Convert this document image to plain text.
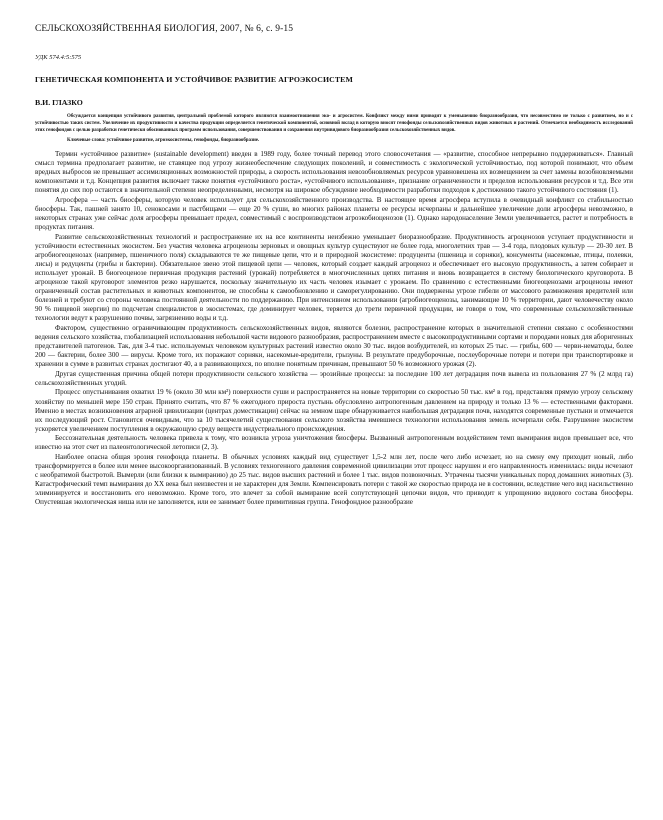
СЕЛЬСКОХОЗЯЙСТВЕННАЯ БИОЛОГИЯ, 2007, № 6, с. 9-15
УДК 574.4:5:575
ГЕНЕТИЧЕСКАЯ КОМПОНЕНТА И УСТОЙЧИВОЕ РАЗВИТИЕ АГРОЭКОСИСТЕМ
В.И. ГЛАЗКО
Обсуждается концепция устойчивого развития, центральной проблемой которого являются взаимоотношения эко- и агросистем. Конфликт между ними приводит к уменьшению биоразнообразия, что несовместимо не только с развитием, но и с устойчивостью таких систем. Увеличение их продуктивности и качества продукции определяется генетической компонентой, основной вклад в которую вносят генофонды сельскохозяйственных видов животных и растений. Отмечается необходимость исследований этих генофондов с целью разработки генетически обоснованных программ использования, совершенствования и сохранения внутривидового биоразнообразия сельскохозяйственных видов.
Ключевые слова: устойчивое развитие, агроэкосистемы, генофонды, биоразнообразие.

Термин «устойчивое развитие» (sustainable development) введен в 1989 году, более точный перевод этого словосочетания — «развитие, способное непрерывно поддерживаться». Главный смысл термина предполагает развитие, не ставящее под угрозу жизнеобеспечение следующих поколений, и совместимость с экологической устойчивостью, под которой понимают, что объем вредных выбросов не превышает ассимиляционных возможностей природы, а скорость использования невозобновляемых ресурсов уравновешена их возмещением за счет замены возобновляемыми компонентами и т.д. Концепция развития включает также понятия «устойчивого роста», «устойчивого использования», признание ограниченности и пределов использования ресурсов и т.д. Все эти понятия до сих пор остаются в значительной степени неопределенными, несмотря на широкое обсуждение необходимости разработки подходов к достижению такого устойчивого состояния (1).

Агросфера — часть биосферы, которую человек использует для сельскохозяйственного производства. В настоящее время агросфера вступила в очевидный конфликт со стабильностью биосферы. Так, пашней занято 10, сенокосами и пастбищами — еще 20 % суши, во многих районах планеты ее ресурсы исчерпаны и дальнейшее увеличение доли агросферы невозможно, в некоторых странах уже сейчас доля агросферы превышает предел, совместимый с воспроизводством агроэкобиоценозов (1). Однако народонаселение Земли увеличивается, растет и потребность в продуктах питания.

Развитие сельскохозяйственных технологий и распространение их на все континенты неизбежно уменьшает биоразнообразие. Продуктивность агроценозов уступает продуктивности и устойчивости естественных экосистем. Без участия человека агроценозы зерновых и овощных культур существуют не более года, многолетних трав — 3-4 года, плодовых культур — 20-30 лет. В агробиогеоценозах (например, пшеничного поля) складываются те же пищевые цепи, что и в природной экосистеме: продуценты (пшеница и сорняки), консументы (насекомые, птицы, полевки, лисы) и редуценты (грибы и бактерии). Обязательное звено этой пищевой цепи — человек, который создает каждый агроценоз и обеспечивает его высокую продуктивность, а затем собирает и использует урожай. В биогеоценозе первичная продукция растений (урожай) потребляется в многочисленных цепях питания и вновь возвращается в систему биологического круговорота. В агроценозе такой круговорот элементов резко нарушается, поскольку значительную их часть человек изымает с урожаем. По сравнению с естественными биогеоценозами агроценозы имеют ограниченный состав растительных и животных компонентов, не способны к самообновлению и саморегулированию. Они подвержены угрозе гибели от массового размножения вредителей или болезней и требуют со стороны человека постоянной деятельности по поддержанию. При интенсивном использовании (агробиогеоценозы, занимающие 10 % территории, дают человечеству около 90 % пищевой энергии) по подсчетам специалистов в экосистемах, где доминирует человек, теряется до трети первичной продукции, не говоря о том, что современные сельскохозяйственные технологии ведут к разрушению почвы, загрязнению воды и т.д.

Фактором, существенно ограничивающим продуктивность сельскохозяйственных видов, являются болезни, распространение которых в значительной степени связано с особенностями ведения сельского хозяйства, глобализацией использования небольшой части видового разнообразия, распространением вместе с высокопродуктивными сортами и породами новых для аборигенных представителей патогенов. Так, для 3-4 тыс. используемых человеком культурных растений известно около 30 тыс. видов возбудителей, из которых 25 тыс. — грибы, 600 — черви-нематоды, более 200 — бактерии, более 300 — вирусы. Кроме того, их поражают сорняки, насекомые-вредители, грызуны. В результате предуборочные, послеуборочные потери и потери при транспортировке и хранении в сумме в развитых странах достигают 40, а в развивающихся, по вполне понятным причинам, превышают 50 % возможного урожая (2).

Другая существенная причина общей потери продуктивности сельского хозяйства — эрозийные процессы: за последние 100 лет деградация почв вывела из пользования 27 % (2 млрд га) сельскохозяйственных угодий.

Процесс опустынивания охватил 19 % (около 30 млн км²) поверхности суши и распространяется на новые территории со скоростью 50 тыс. км² в год, представляя прямую угрозу сельскому хозяйству по меньшей мере 150 стран. Принято считать, что 87 % ежегодного прироста пустынь обусловлено антропогенным давлением на природу и только 13 % — естественными факторами. Именно в местах возникновения аграрной цивилизации (центрах доместикации) сейчас на земном шаре обнаруживается наибольшая деградация почв, находятся современные пустыни и отмечается их последующий рост. Становится очевидным, что за 10 тысячелетий существования сельского хозяйства имевшиеся технологии использования земель исчерпали себя. Разрушение экосистем ускоряется увеличением поступления в окружающую среду веществ индустриального происхождения.

Бессознательная деятельность человека привела к тому, что возникла угроза уничтожения биосферы. Вызванный антропогенным воздействием темп вымирания видов превышает все, что известно на этот счет из палеонтологической летописи (2, 3).

Наиболее опасна общая эрозия генофонда планеты. В обычных условиях каждый вид существует 1,5-2 млн лет, после чего либо исчезает, но на смену ему приходит новый, либо трансформируется в более или менее высокоорганизованный. В условиях техногенного давления современной цивилизации этот процесс нарушен и его направленность изменилась: виды исчезают с необратимой быстротой. Вымерли (или близки к вымиранию) до 25 тыс. видов высших растений и более 1 тыс. видов позвоночных. Утрачены тысячи уникальных пород домашних животных (3). Катастрофический темп вымирания до XX века был неизвестен и не характерен для Земли. Компенсировать потери с такой же скоростью природа не в состоянии, вследствие чего вид насильственно элиминируется и восстановить его невозможно. Кроме того, это влечет за собой вымирание всей сопутствующей цепочки видов, что приводит к упрощению видового состава биосферы. Опустевшая экологическая ниша или не заполняется, или ее занимает более примитивная группа. Генофондное разнообразие
